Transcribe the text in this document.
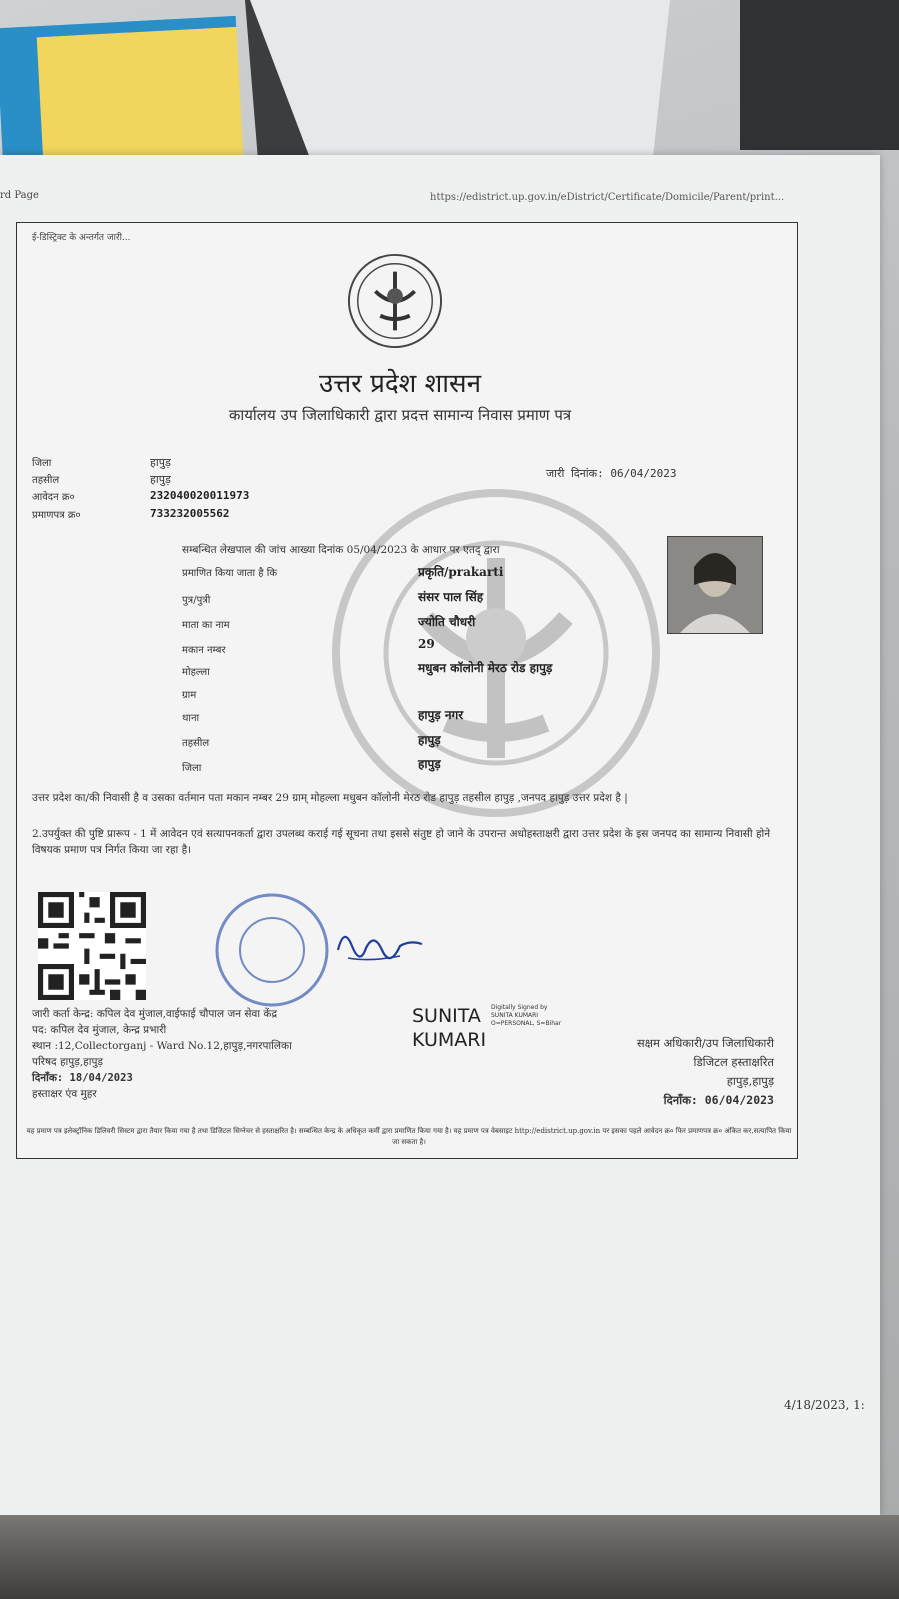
rd Page	https://edistrict.up.gov.in/eDistrict/Certificate/Domicile/Parent/print...
ई-डिस्ट्रिक्ट के अन्तर्गत जारी...
उत्तर प्रदेश शासन
कार्यालय उप जिलाधिकारी द्वारा प्रदत्त सामान्य निवास प्रमाण पत्र
जिला	हापुड़
तहसील	हापुड़
आवेदन क्र०	232040020011973
प्रमाणपत्र क्र०	733232005562
जारी दिनांक: 06/04/2023
सम्बन्धित लेखपाल की जांच आख्या दिनांक 05/04/2023 के आधार पर एतद् द्वारा
प्रमाणित किया जाता है कि	प्रकृति/prakarti
पुत्र/पुत्री	संसर पाल सिंह
माता का नाम	ज्योति चौधरी
मकान नम्बर	29
मोहल्ला	मधुबन कॉलोनी मेरठ रोड हापुड़
ग्राम
थाना	हापुड़ नगर
तहसील	हापुड़
जिला	हापुड़
उत्तर प्रदेश का/की निवासी है व उसका वर्तमान पता मकान नम्बर 29 ग्राम् मोहल्ला मधुबन कॉलोनी मेरठ रोड हापुड़ तहसील हापुड़ ,जनपद हापुड़ उत्तर प्रदेश है |
2.उपर्युक्त की पुष्टि प्रारूप - 1 में आवेदन एवं सत्यापनकर्ता द्वारा उपलब्ध कराई गई सूचना तथा इससे संतुष्ट हो जाने के उपरान्त अधोहस्ताक्षरी द्वारा उत्तर प्रदेश के इस जनपद का सामान्य निवासी होने विषयक प्रमाण पत्र निर्गत किया जा रहा है।
जारी कर्ता केन्द्र: कपिल देव मुंजाल,वाईफाई चौपाल जन सेवा केंद्र
पद: कपिल देव मुंजाल, केन्द्र प्रभारी
स्थान :12,Collectorganj - Ward No.12,हापुड़,नगरपालिका
परिषद हापुड़,हापुड़
दिनाँक: 18/04/2023
हस्ताक्षर एंव मुहर
SUNITA
KUMARI
Digitally Signed by
SUNITA KUMARI
O=PERSONAL, S=Bihar
सक्षम अधिकारी/उप जिलाधिकारी
डिजिटल हस्ताक्षरित
हापुड़,हापुड़
दिनाँक: 06/04/2023
यह प्रमाण पत्र इलेक्ट्रॉनिक डिलिवरी सिस्टम द्वारा तैयार किया गया है तथा डिजिटल सिग्नेचर से हस्ताक्षरित है। सम्बन्धित केन्द्र के अधिकृत कर्मी द्वारा प्रमाणित किया गया है। यह प्रमाण पत्र वेबसाइट http://edistrict.up.gov.in पर इसका पहले आवेदन क्र० फिर प्रमाणपत्र क्र० अंकित कर,सत्यापित किया जा सकता है।
4/18/2023, 1:
